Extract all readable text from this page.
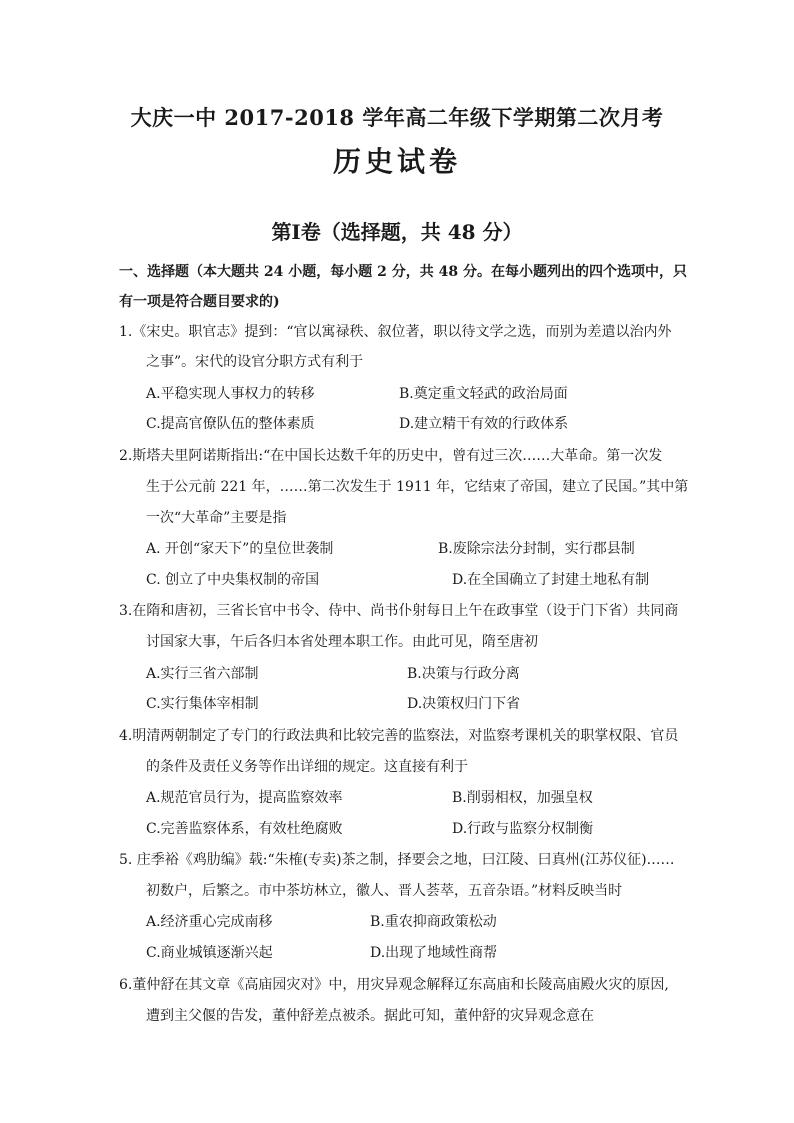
大庆一中 2017-2018 学年高二年级下学期第二次月考
历史试卷
第Ⅰ卷（选择题，共 48 分）
一、选择题（本大题共 24 小题，每小题 2 分，共 48 分。在每小题列出的四个选项中，只
有一项是符合题目要求的)
1.《宋史。职官志》提到：“官以寓禄秩、叙位著，职以待文学之选，而别为差遣以治内外
之事”。宋代的设官分职方式有利于
A.平稳实现人事权力的转移	B.奠定重文轻武的政治局面
C.提高官僚队伍的整体素质	D.建立精干有效的行政体系
2.斯塔夫里阿诺斯指出:“在中国长达数千年的历史中，曾有过三次……大革命。第一次发
生于公元前 221 年，……第二次发生于 1911 年，它结束了帝国，建立了民国。”其中第
一次“大革命”主要是指
A. 开创“家天下”的皇位世袭制	B.废除宗法分封制，实行郡县制
C. 创立了中央集权制的帝国	D.在全国确立了封建土地私有制
3.在隋和唐初，三省长官中书令、侍中、尚书仆射每日上午在政事堂（设于门下省）共同商
讨国家大事，午后各归本省处理本职工作。由此可见，隋至唐初
A.实行三省六部制	B.决策与行政分离
C.实行集体宰相制	D.决策权归门下省
4.明清两朝制定了专门的行政法典和比较完善的监察法，对监察考课机关的职掌权限、官员
的条件及责任义务等作出详细的规定。这直接有利于
A.规范官员行为，提高监察效率	B.削弱相权，加强皇权
C.完善监察体系，有效杜绝腐败	D.行政与监察分权制衡
5. 庄季裕《鸡肋编》载:“朱榷(专卖)茶之制，择要会之地，曰江陵、曰真州(江苏仪征)……
初数户，后繁之。市中茶坊林立，徽人、晋人荟萃，五音杂语。”材料反映当时
A.经济重心完成南移	B.重农抑商政策松动
C.商业城镇逐渐兴起	D.出现了地域性商帮
6.董仲舒在其文章《高庙园灾对》中，用灾异观念解释辽东高庙和长陵高庙殿火灾的原因,
遭到主父偃的告发，董仲舒差点被杀。据此可知，董仲舒的灾异观念意在
